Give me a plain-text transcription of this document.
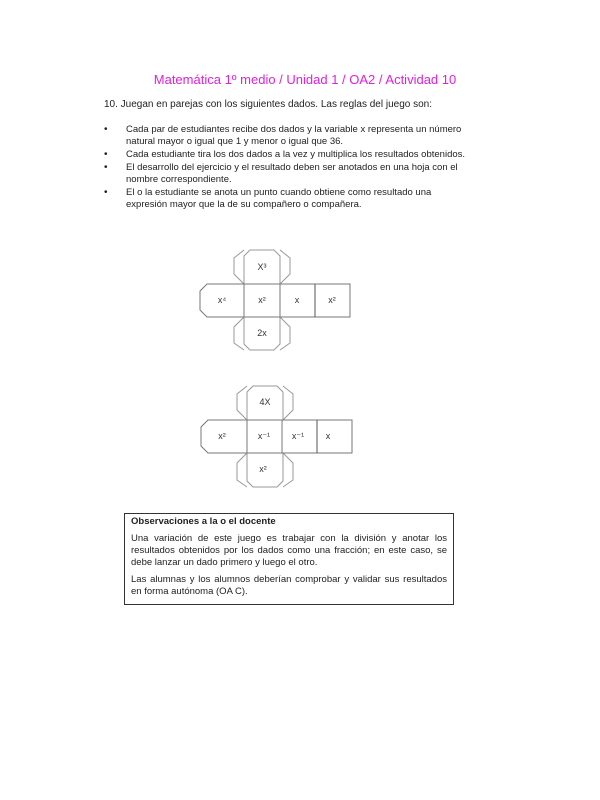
Matemática 1º medio / Unidad 1 / OA2 / Actividad 10
10. Juegan en parejas con los siguientes dados. Las reglas del juego son:
• Cada par de estudiantes recibe dos dados y la variable x representa un número natural mayor o igual que 1 y menor o igual que 36.
• Cada estudiante tira los dos dados a la vez y multiplica los resultados obtenidos.
• El desarrollo del ejercicio y el resultado deben ser anotados en una hoja con el nombre correspondiente.
• El o la estudiante se anota un punto cuando obtiene como resultado una expresión mayor que la de su compañero o compañera.
X³
x⁴	x²	x	x²
2x
4X
x²	x⁻¹ x⁻¹ x
x²
Observaciones a la o el docente

Una variación de este juego es trabajar con la división y anotar los resultados obtenidos por los dados como una fracción; en este caso, se debe lanzar un dado primero y luego el otro.

Las alumnas y los alumnos deberían comprobar y validar sus resultados en forma autónoma (OA C).
